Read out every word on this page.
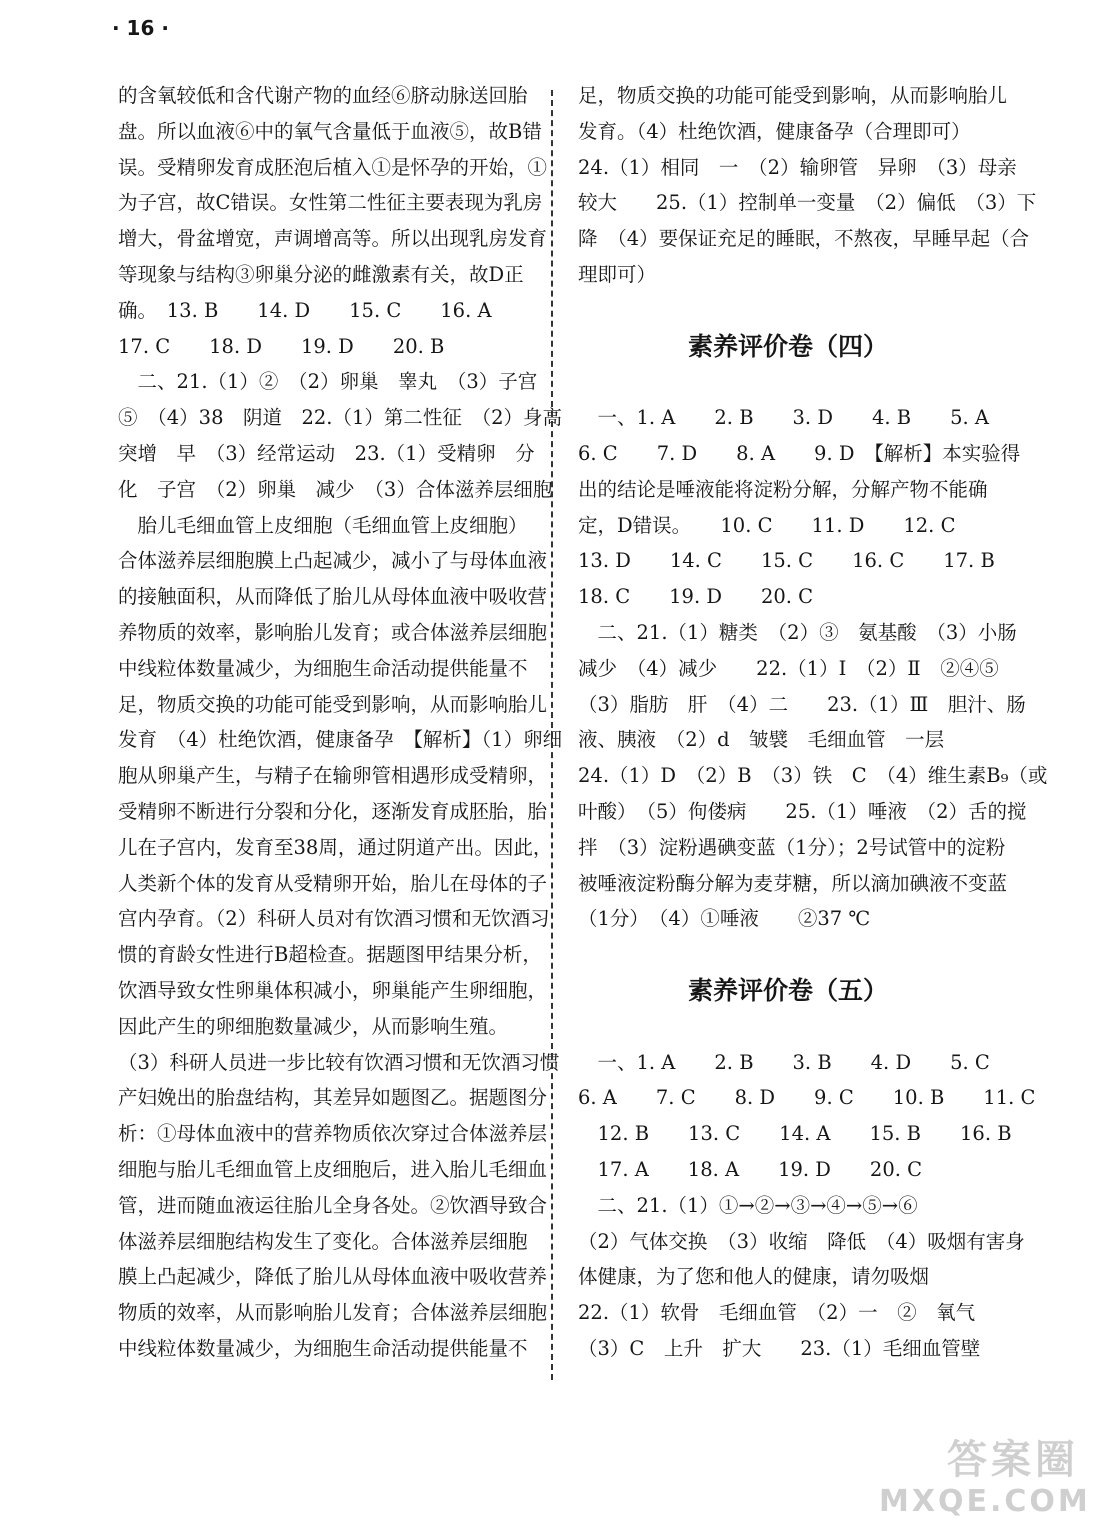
· 16 ·
的含氧较低和含代谢产物的血经⑥脐动脉送回胎
盘。所以血液⑥中的氧气含量低于血液⑤，故B错
误。受精卵发育成胚泡后植入①是怀孕的开始，①
为子宫，故C错误。女性第二性征主要表现为乳房
增大，骨盆增宽，声调增高等。所以出现乳房发育
等现象与结构③卵巢分泌的雌激素有关，故D正
确。　13. B　　14. D　　15. C　　16. A
17. C　　18. D　　19. D　　20. B
　二、21.（1）②　（2）卵巢　睾丸　（3）子宫
⑤　（4）38　阴道　22.（1）第二性征　（2）身高
突增　早　（3）经常运动　23.（1）受精卵　分
化　子宫　（2）卵巢　减少　（3）合体滋养层细胞
　胎儿毛细血管上皮细胞（毛细血管上皮细胞）
合体滋养层细胞膜上凸起减少，减小了与母体血液
的接触面积，从而降低了胎儿从母体血液中吸收营
养物质的效率，影响胎儿发育；或合体滋养层细胞
中线粒体数量减少，为细胞生命活动提供能量不
足，物质交换的功能可能受到影响，从而影响胎儿
发育　（4）杜绝饮酒，健康备孕　【解析】（1）卵细
胞从卵巢产生，与精子在输卵管相遇形成受精卵，
受精卵不断进行分裂和分化，逐渐发育成胚胎，胎
儿在子宫内，发育至38周，通过阴道产出。因此，
人类新个体的发育从受精卵开始，胎儿在母体的子
宫内孕育。（2）科研人员对有饮酒习惯和无饮酒习
惯的育龄女性进行B超检查。据题图甲结果分析，
饮酒导致女性卵巢体积减小，卵巢能产生卵细胞，
因此产生的卵细胞数量减少，从而影响生殖。
（3）科研人员进一步比较有饮酒习惯和无饮酒习惯
产妇娩出的胎盘结构，其差异如题图乙。据题图分
析：①母体血液中的营养物质依次穿过合体滋养层
细胞与胎儿毛细血管上皮细胞后，进入胎儿毛细血
管，进而随血液运往胎儿全身各处。②饮酒导致合
体滋养层细胞结构发生了变化。合体滋养层细胞
膜上凸起减少，降低了胎儿从母体血液中吸收营养
物质的效率，从而影响胎儿发育；合体滋养层细胞
中线粒体数量减少，为细胞生命活动提供能量不
足，物质交换的功能可能受到影响，从而影响胎儿
发育。（4）杜绝饮酒，健康备孕（合理即可）
24.（1）相同　一　（2）输卵管　异卵　（3）母亲
较大　　25.（1）控制单一变量　（2）偏低　（3）下
降　（4）要保证充足的睡眠，不熬夜，早睡早起（合
理即可）
素养评价卷（四）
　一、1. A　　2. B　　3. D　　4. B　　5. A
6. C　　7. D　　8. A　　9. D　【解析】本实验得
出的结论是唾液能将淀粉分解，分解产物不能确
定，D错误。　　10. C　　11. D　　12. C
13. D　　14. C　　15. C　　16. C　　17. B
18. C　　19. D　　20. C
　二、21.（1）糖类　（2）③　氨基酸　（3）小肠
减少　（4）减少　　22.（1）Ⅰ　（2）Ⅱ　②④⑤
（3）脂肪　肝　（4）二　　23.（1）Ⅲ　胆汁、肠
液、胰液　（2）d　皱襞　毛细血管　一层
24.（1）D　（2）B　（3）铁　C　（4）维生素B₉（或
叶酸）　（5）佝偻病　　25.（1）唾液　（2）舌的搅
拌　（3）淀粉遇碘变蓝（1分）；2号试管中的淀粉
被唾液淀粉酶分解为麦芽糖，所以滴加碘液不变蓝
（1分）　（4）①唾液　　②37 ℃
素养评价卷（五）
　一、1. A　　2. B　　3. B　　4. D　　5. C
6. A　　7. C　　8. D　　9. C　　10. B　　11. C
　12. B　　13. C　　14. A　　15. B　　16. B
　17. A　　18. A　　19. D　　20. C
　二、21.（1）①→②→③→④→⑤→⑥
（2）气体交换　（3）收缩　降低　（4）吸烟有害身
体健康，为了您和他人的健康，请勿吸烟
22.（1）软骨　毛细血管　（2）一　②　氧气
（3）C　上升　扩大　　23.（1）毛细血管壁
答案圈
MXQE.COM
